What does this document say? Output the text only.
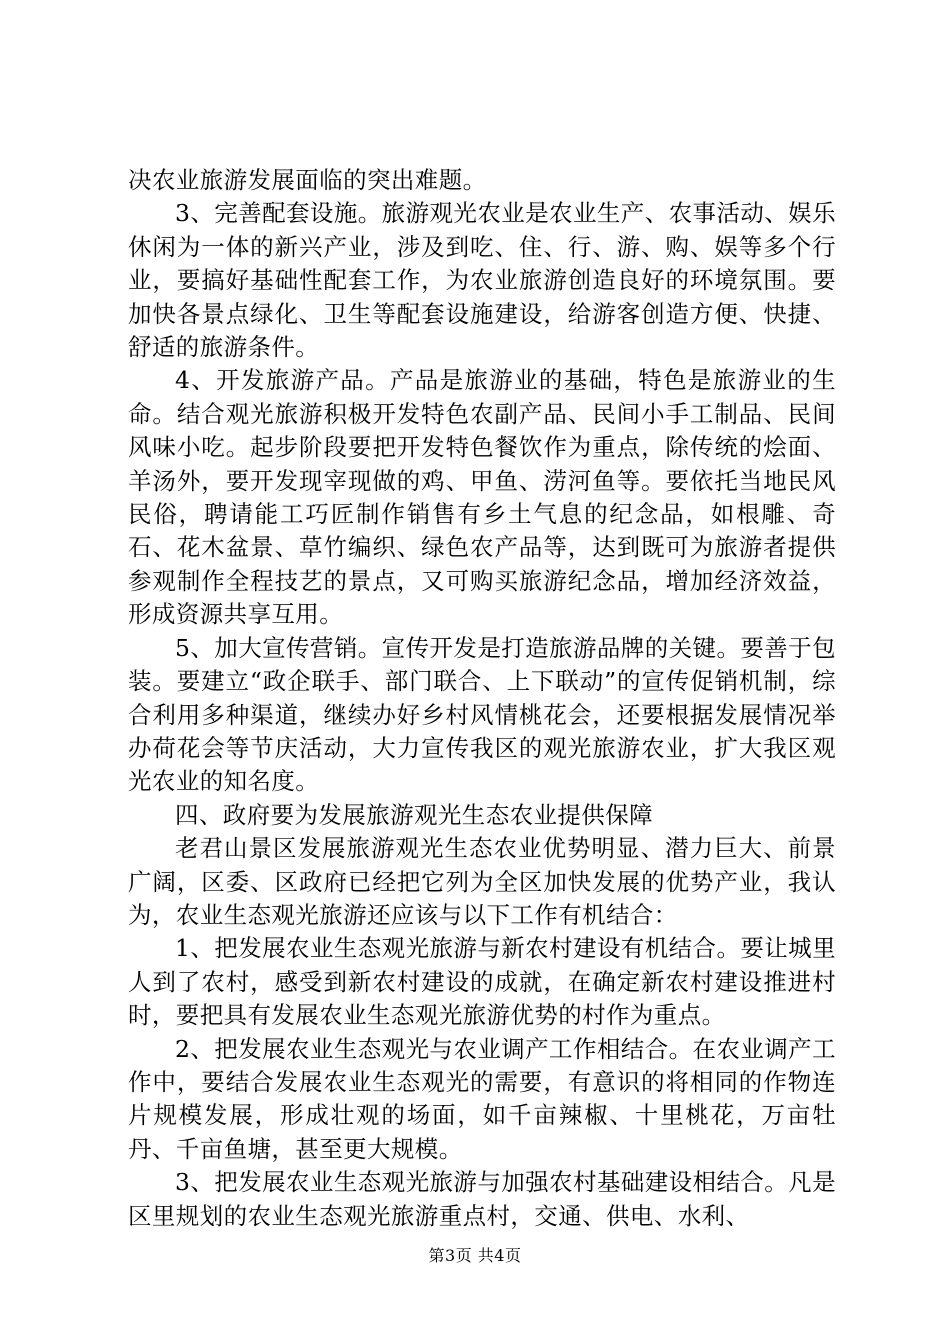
决农业旅游发展面临的突出难题。

3、完善配套设施。旅游观光农业是农业生产、农事活动、娱乐休闲为一体的新兴产业，涉及到吃、住、行、游、购、娱等多个行业，要搞好基础性配套工作，为农业旅游创造良好的环境氛围。要加快各景点绿化、卫生等配套设施建设，给游客创造方便、快捷、舒适的旅游条件。

4、开发旅游产品。产品是旅游业的基础，特色是旅游业的生命。结合观光旅游积极开发特色农副产品、民间小手工制品、民间风味小吃。起步阶段要把开发特色餐饮作为重点，除传统的烩面、羊汤外，要开发现宰现做的鸡、甲鱼、涝河鱼等。要依托当地民风民俗，聘请能工巧匠制作销售有乡土气息的纪念品，如根雕、奇石、花木盆景、草竹编织、绿色农产品等，达到既可为旅游者提供参观制作全程技艺的景点，又可购买旅游纪念品，增加经济效益，形成资源共享互用。

5、加大宣传营销。宣传开发是打造旅游品牌的关键。要善于包装。要建立“政企联手、部门联合、上下联动”的宣传促销机制，综合利用多种渠道，继续办好乡村风情桃花会，还要根据发展情况举办荷花会等节庆活动，大力宣传我区的观光旅游农业，扩大我区观光农业的知名度。

四、政府要为发展旅游观光生态农业提供保障

老君山景区发展旅游观光生态农业优势明显、潜力巨大、前景广阔，区委、区政府已经把它列为全区加快发展的优势产业，我认为，农业生态观光旅游还应该与以下工作有机结合：

1、把发展农业生态观光旅游与新农村建设有机结合。要让城里人到了农村，感受到新农村建设的成就，在确定新农村建设推进村时，要把具有发展农业生态观光旅游优势的村作为重点。

2、把发展农业生态观光与农业调产工作相结合。在农业调产工作中，要结合发展农业生态观光的需要，有意识的将相同的作物连片规模发展，形成壮观的场面，如千亩辣椒、十里桃花，万亩牡丹、千亩鱼塘，甚至更大规模。

3、把发展农业生态观光旅游与加强农村基础建设相结合。凡是区里规划的农业生态观光旅游重点村，交通、供电、水利、

第3页 共4页
